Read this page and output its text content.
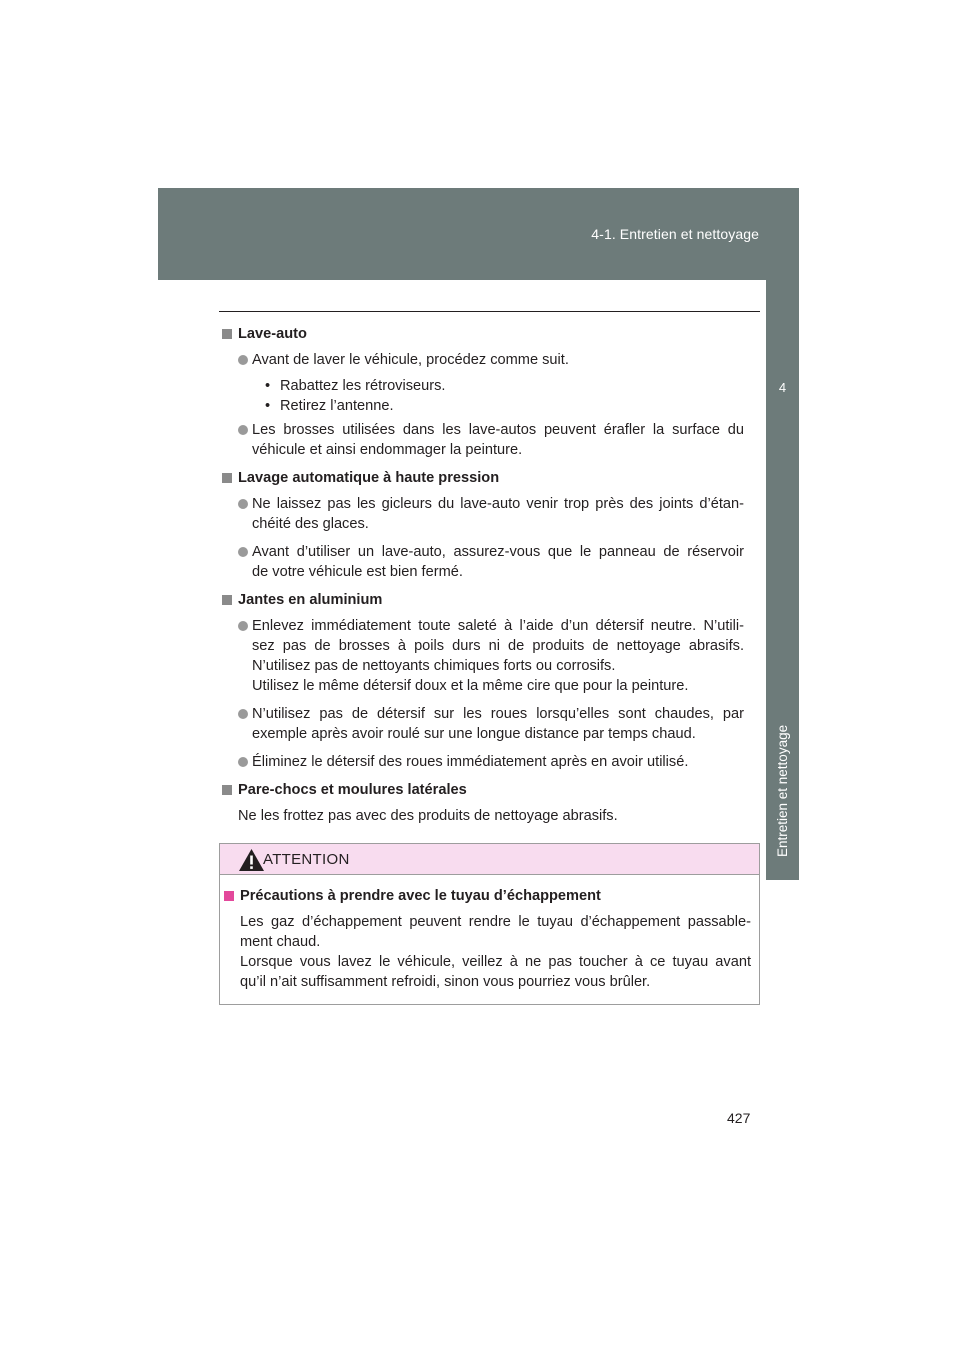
4-1. Entretien et nettoyage
4
Entretien et nettoyage
Lave-auto
Avant de laver le véhicule, procédez comme suit.
• Rabattez les rétroviseurs.
• Retirez l’antenne.
Les brosses utilisées dans les lave-autos peuvent érafler la surface du
véhicule et ainsi endommager la peinture.
Lavage automatique à haute pression
Ne laissez pas les gicleurs du lave-auto venir trop près des joints d’étan-
chéité des glaces.
Avant d’utiliser un lave-auto, assurez-vous que le panneau de réservoir
de votre véhicule est bien fermé.
Jantes en aluminium
Enlevez immédiatement toute saleté à l’aide d’un détersif neutre. N’utili-
sez pas de brosses à poils durs ni de produits de nettoyage abrasifs.
N’utilisez pas de nettoyants chimiques forts ou corrosifs.
Utilisez le même détersif doux et la même cire que pour la peinture.
N’utilisez pas de détersif sur les roues lorsqu’elles sont chaudes, par
exemple après avoir roulé sur une longue distance par temps chaud.
Éliminez le détersif des roues immédiatement après en avoir utilisé.
Pare-chocs et moulures latérales
Ne les frottez pas avec des produits de nettoyage abrasifs.
ATTENTION
Précautions à prendre avec le tuyau d’échappement
Les gaz d’échappement peuvent rendre le tuyau d’échappement passable-
ment chaud.
Lorsque vous lavez le véhicule, veillez à ne pas toucher à ce tuyau avant
qu’il n’ait suffisamment refroidi, sinon vous pourriez vous brûler.
427
